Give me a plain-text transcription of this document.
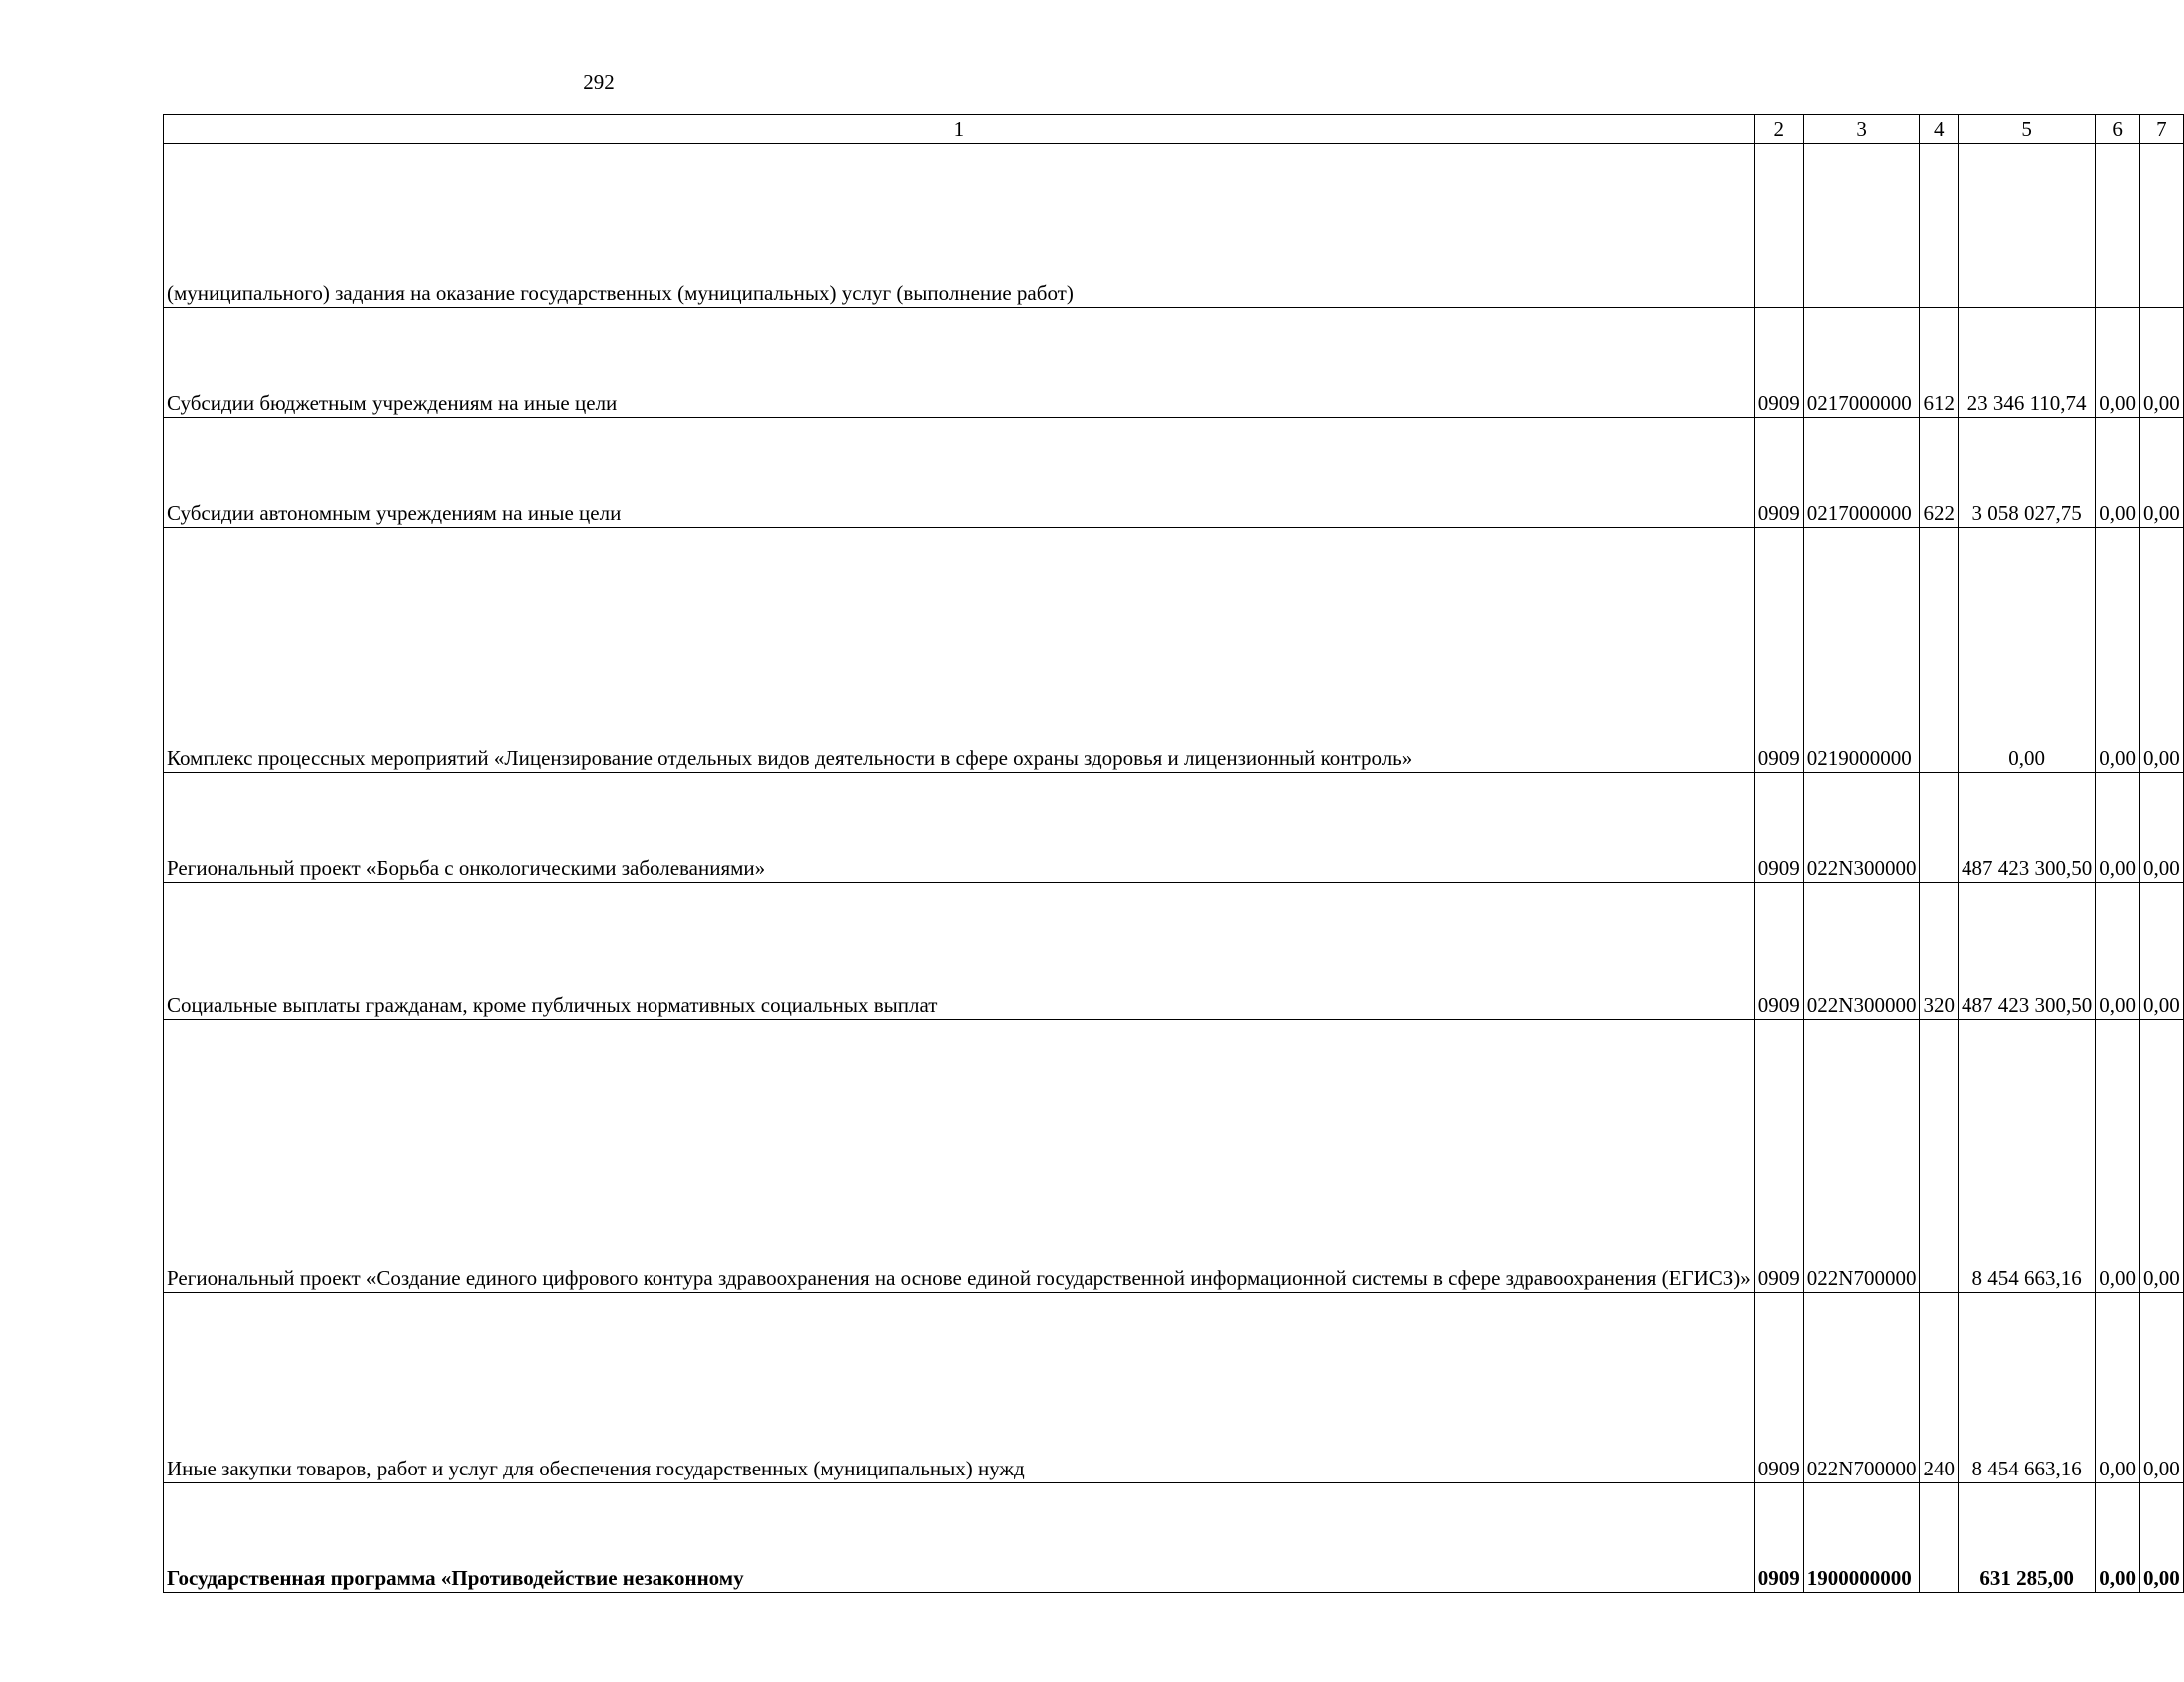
292
1	2	3	4	5	6	7
(муниципального) задания на оказание государственных (муниципальных) услуг (выполнение работ)						
Субсидии бюджетным учреждениям на иные цели	0909	0217000000	612	23 346 110,74	0,00	0,00
Субсидии автономным учреждениям на иные цели	0909	0217000000	622	3 058 027,75	0,00	0,00
Комплекс процессных мероприятий «Лицензирование отдельных видов деятельности в сфере охраны здоровья и лицензионный контроль»	0909	0219000000		0,00	0,00	0,00
Региональный проект «Борьба с онкологическими заболеваниями»	0909	022N300000		487 423 300,50	0,00	0,00
Социальные выплаты гражданам, кроме публичных нормативных социальных выплат	0909	022N300000	320	487 423 300,50	0,00	0,00
Региональный проект «Создание единого цифрового контура здравоохранения на основе единой государственной информационной системы в сфере здравоохранения (ЕГИСЗ)»	0909	022N700000		8 454 663,16	0,00	0,00
Иные закупки товаров, работ и услуг для обеспечения государственных (муниципальных) нужд	0909	022N700000	240	8 454 663,16	0,00	0,00
Государственная программа «Противодействие незаконному	0909	1900000000		631 285,00	0,00	0,00
